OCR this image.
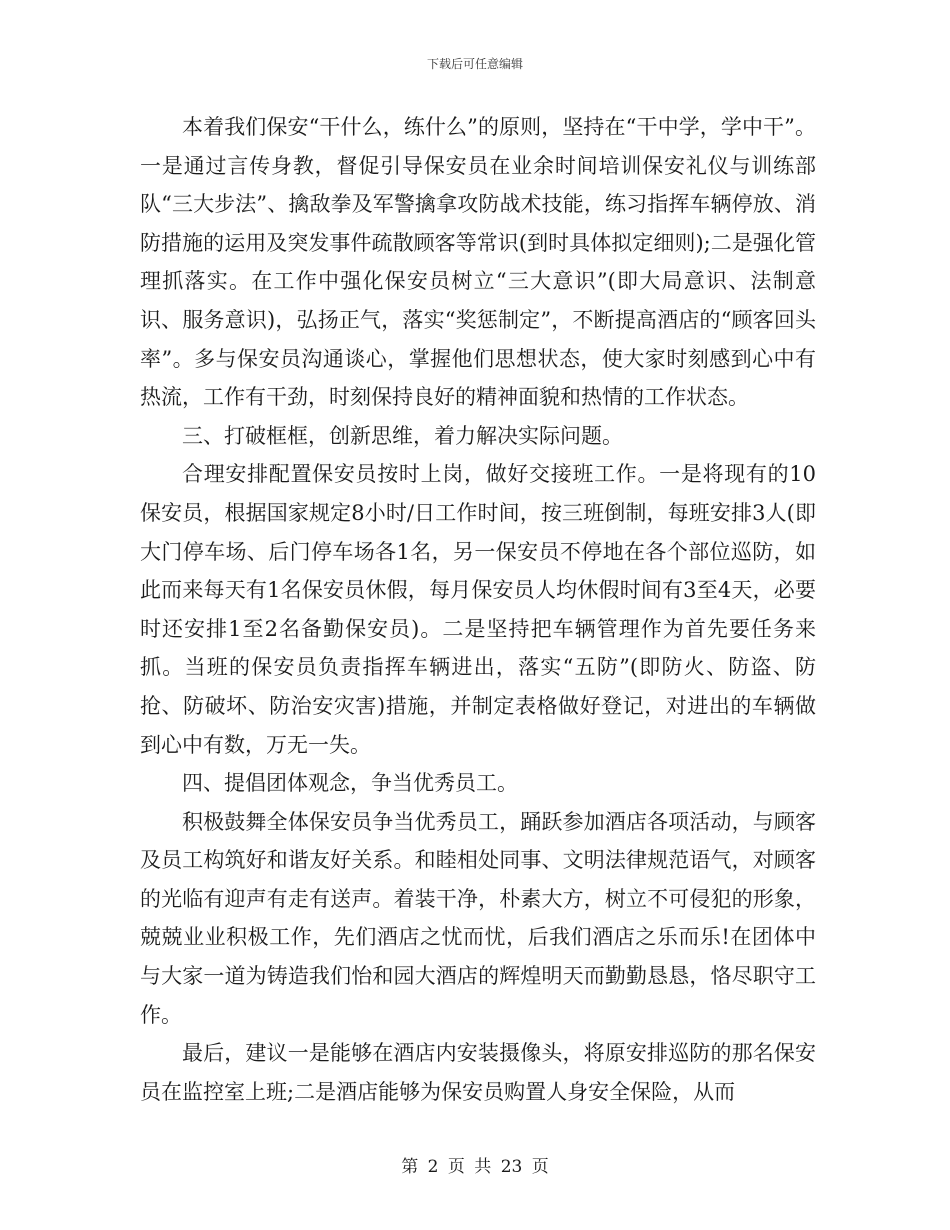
下载后可任意编辑

本着我们保安“干什么，练什么”的原则，坚持在“干中学，学中干”。一是通过言传身教，督促引导保安员在业余时间培训保安礼仪与训练部队“三大步法”、擒敌拳及军警擒拿攻防战术技能，练习指挥车辆停放、消防措施的运用及突发事件疏散顾客等常识(到时具体拟定细则);二是强化管理抓落实。在工作中强化保安员树立“三大意识”(即大局意识、法制意识、服务意识)，弘扬正气，落实“奖惩制定”，不断提高酒店的“顾客回头率”。多与保安员沟通谈心，掌握他们思想状态，使大家时刻感到心中有热流，工作有干劲，时刻保持良好的精神面貌和热情的工作状态。

三、打破框框，创新思维，着力解决实际问题。

合理安排配置保安员按时上岗，做好交接班工作。一是将现有的10保安员，根据国家规定8小时/日工作时间，按三班倒制，每班安排3人(即大门停车场、后门停车场各1名，另一保安员不停地在各个部位巡防，如此而来每天有1名保安员休假，每月保安员人均休假时间有3至4天，必要时还安排1至2名备勤保安员)。二是坚持把车辆管理作为首先要任务来抓。当班的保安员负责指挥车辆进出，落实“五防”(即防火、防盗、防抢、防破坏、防治安灾害)措施，并制定表格做好登记，对进出的车辆做到心中有数，万无一失。

四、提倡团体观念，争当优秀员工。

积极鼓舞全体保安员争当优秀员工，踊跃参加酒店各项活动，与顾客及员工构筑好和谐友好关系。和睦相处同事、文明法律规范语气，对顾客的光临有迎声有走有送声。着装干净，朴素大方，树立不可侵犯的形象，兢兢业业积极工作，先们酒店之忧而忧，后我们酒店之乐而乐!在团体中与大家一道为铸造我们怡和园大酒店的辉煌明天而勤勤恳恳，恪尽职守工作。

最后，建议一是能够在酒店内安装摄像头，将原安排巡防的那名保安员在监控室上班;二是酒店能够为保安员购置人身安全保险，从而

第 2 页 共 23 页
